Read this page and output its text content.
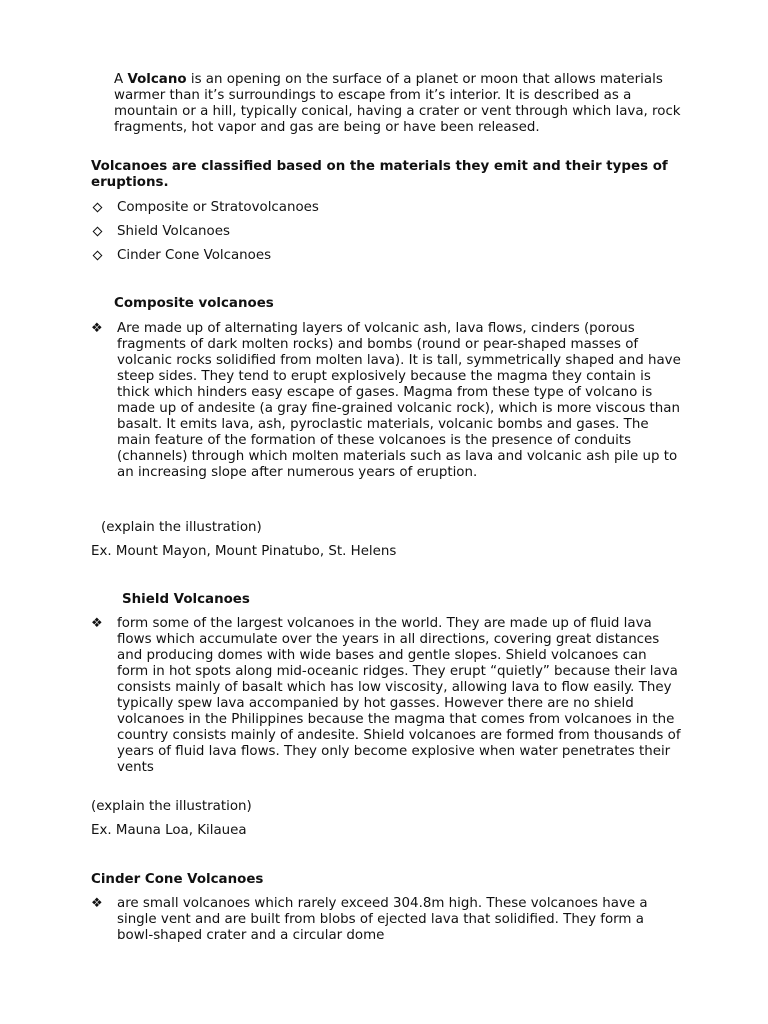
A Volcano is an opening on the surface of a planet or moon that allows materials warmer than it’s surroundings to escape from it’s interior. It is described as a mountain or a hill, typically conical, having a crater or vent through which lava, rock fragments, hot vapor and gas are being or have been released.

Volcanoes are classified based on the materials they emit and their types of eruptions.

Composite or Stratovolcanoes
Shield Volcanoes
Cinder Cone Volcanoes
Composite volcanoes
❖ Are made up of alternating layers of volcanic ash, lava flows, cinders (porous fragments of dark molten rocks) and bombs (round or pear-shaped masses of volcanic rocks solidified from molten lava). It is tall, symmetrically shaped and have steep sides. They tend to erupt explosively because the magma they contain is thick which hinders easy escape of gases. Magma from these type of volcano is made up of andesite (a gray fine-grained volcanic rock), which is more viscous than basalt. It emits lava, ash, pyroclastic materials, volcanic bombs and gases. The main feature of the formation of these volcanoes is the presence of conduits (channels) through which molten materials such as lava and volcanic ash pile up to an increasing slope after numerous years of eruption.

(explain the illustration)
Ex. Mount Mayon, Mount Pinatubo, St. Helens
Shield Volcanoes
❖ form some of the largest volcanoes in the world. They are made up of fluid lava flows which accumulate over the years in all directions, covering great distances and producing domes with wide bases and gentle slopes. Shield volcanoes can form in hot spots along mid-oceanic ridges. They erupt “quietly” because their lava consists mainly of basalt which has low viscosity, allowing lava to flow easily. They typically spew lava accompanied by hot gasses. However there are no shield volcanoes in the Philippines because the magma that comes from volcanoes in the country consists mainly of andesite. Shield volcanoes are formed from thousands of years of fluid lava flows. They only become explosive when water penetrates their vents

(explain the illustration)
Ex. Mauna Loa, Kilauea
Cinder Cone Volcanoes
❖ are small volcanoes which rarely exceed 304.8m high. These volcanoes have a single vent and are built from blobs of ejected lava that solidified. They form a bowl-shaped crater and a circular dome
